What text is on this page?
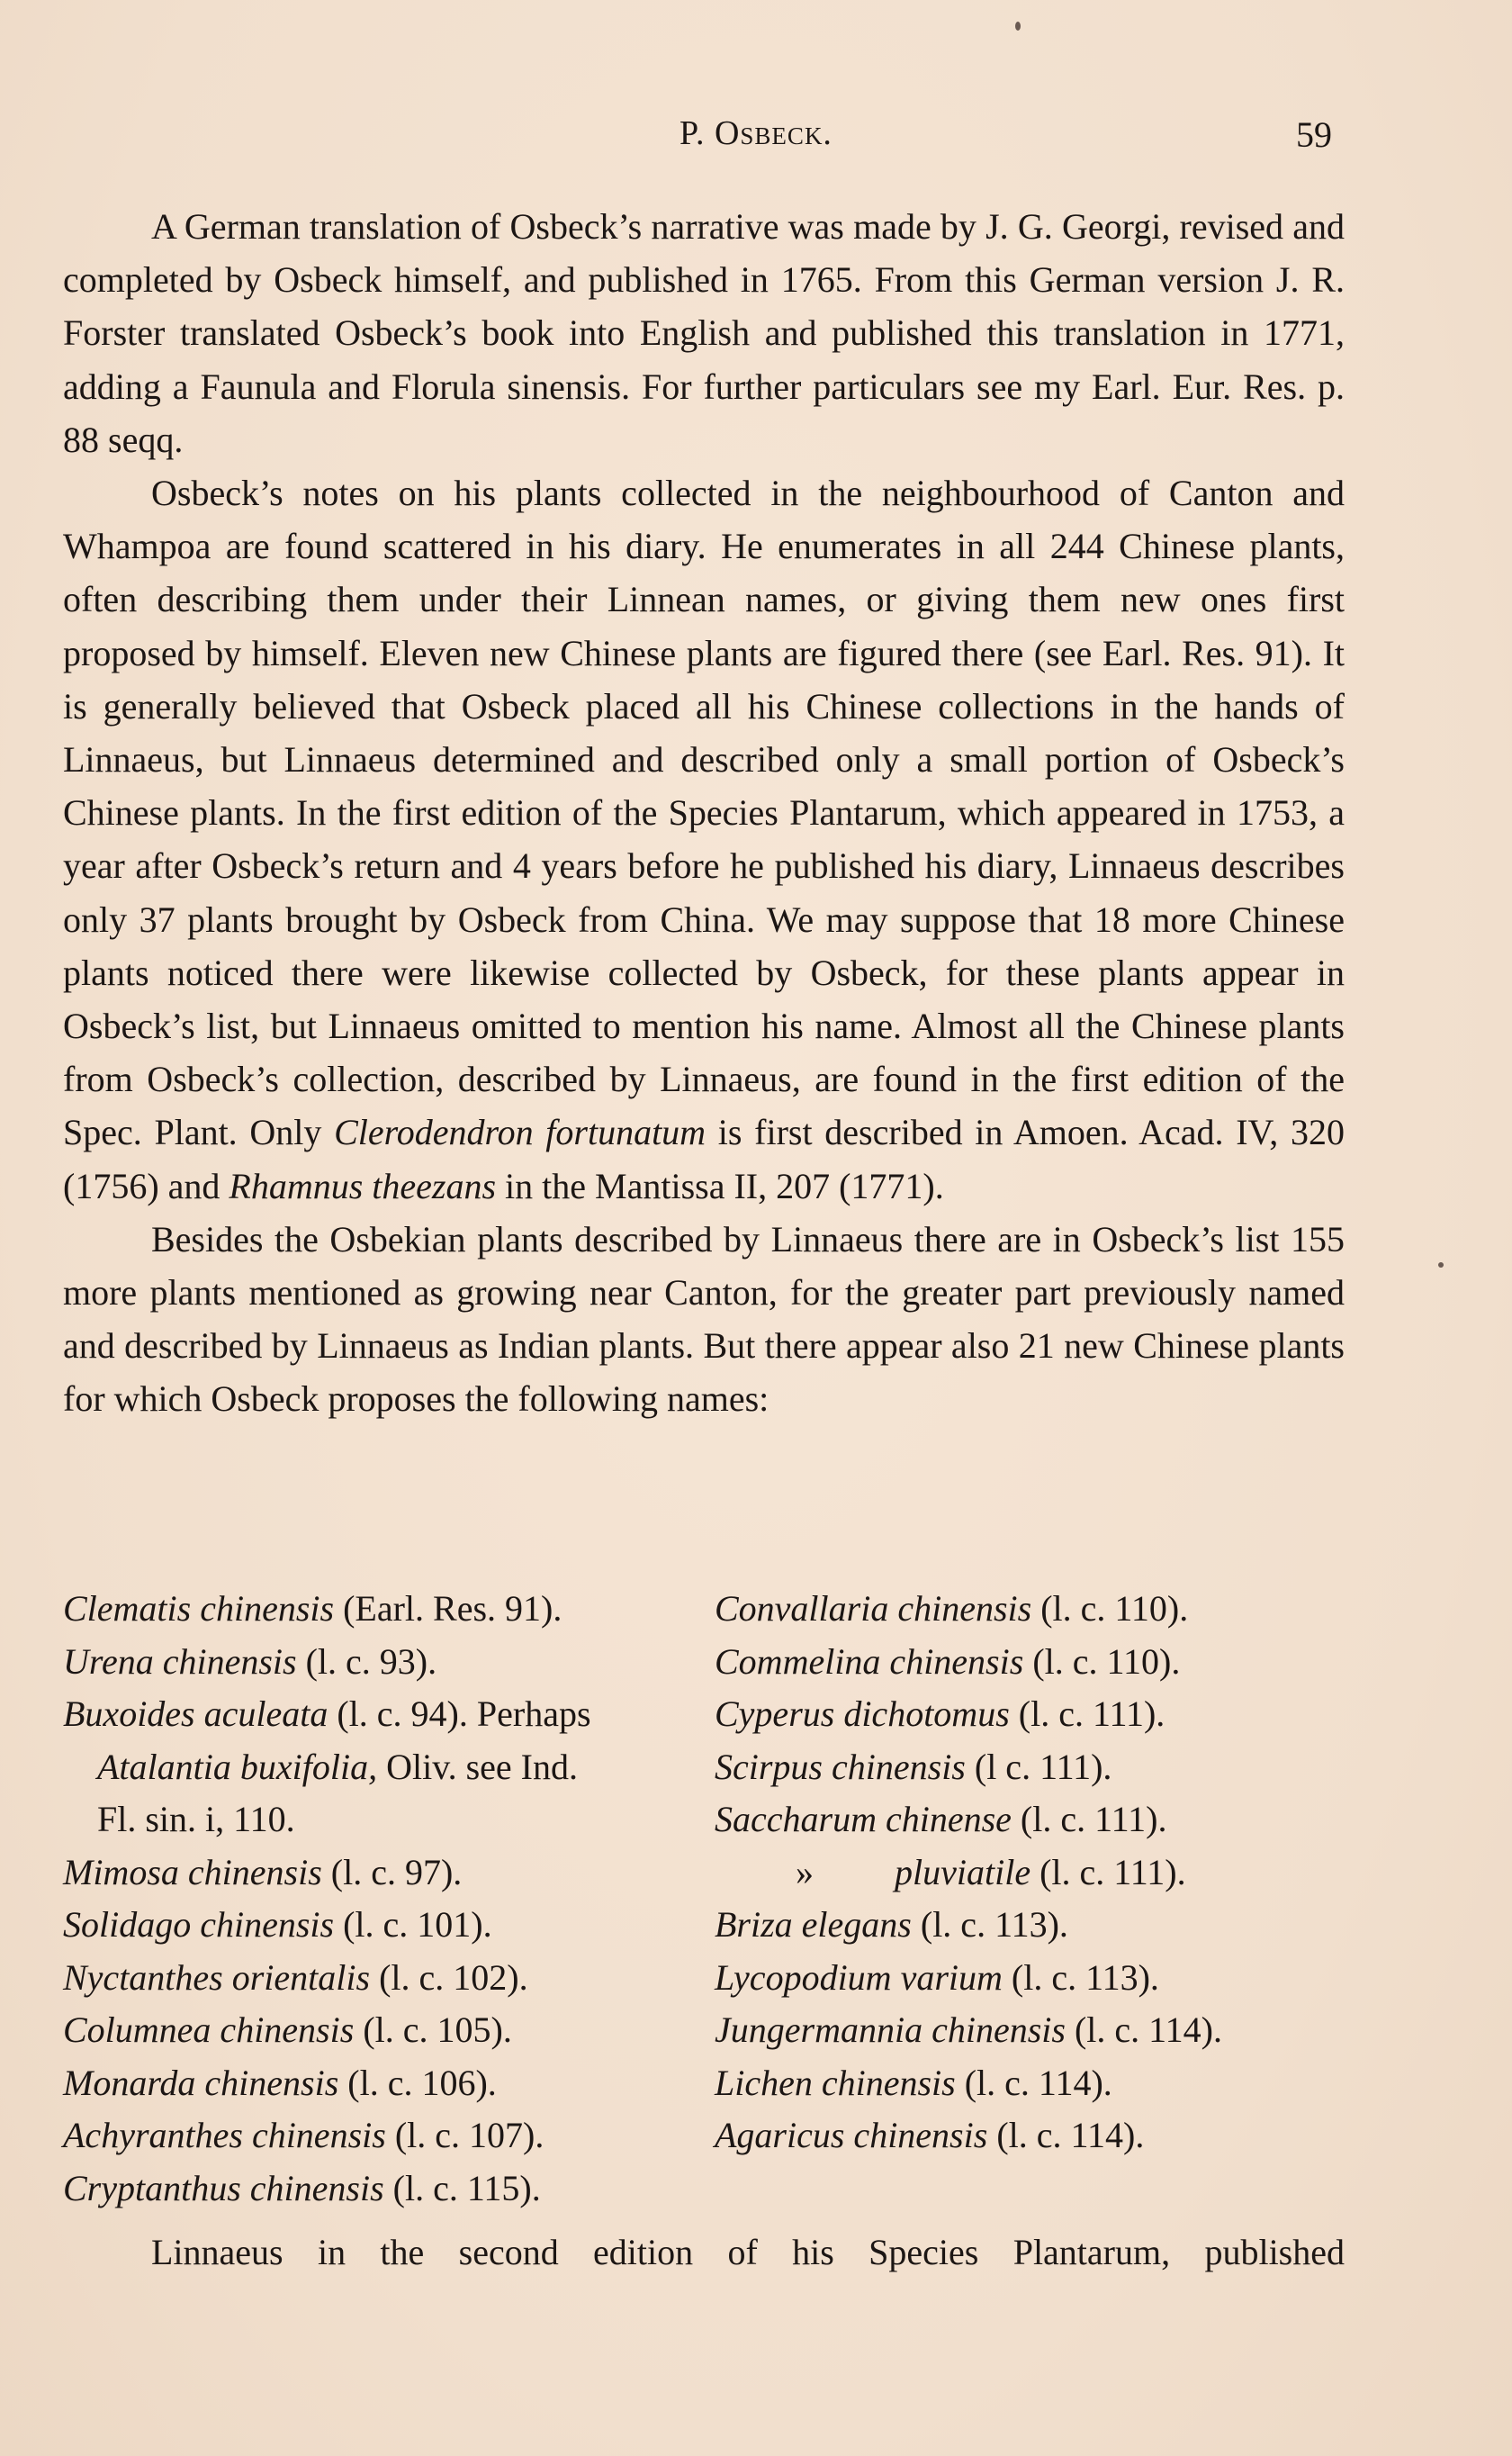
P. Osbeck.	59

A German translation of Osbeck’s narrative was made by J. G. Georgi, revised and completed by Osbeck himself, and published in 1765. From this German version J. R. Forster translated Osbeck’s book into English and published this translation in 1771, adding a Faunula and Florula sinensis. For further particulars see my Earl. Eur. Res. p. 88 seqq.

Osbeck’s notes on his plants collected in the neighbourhood of Canton and Whampoa are found scattered in his diary. He enumerates in all 244 Chinese plants, often describing them under their Linnean names, or giving them new ones first proposed by himself. Eleven new Chinese plants are figured there (see Earl. Res. 91). It is generally believed that Osbeck placed all his Chinese collections in the hands of Linnaeus, but Linnaeus determined and described only a small portion of Osbeck’s Chinese plants. In the first edition of the Species Plantarum, which appeared in 1753, a year after Osbeck’s return and 4 years before he published his diary, Linnaeus describes only 37 plants brought by Osbeck from China. We may suppose that 18 more Chinese plants noticed there were likewise collected by Osbeck, for these plants appear in Osbeck’s list, but Linnaeus omitted to mention his name. Almost all the Chinese plants from Osbeck’s collection, described by Linnaeus, are found in the first edition of the Spec. Plant. Only Clerodendron fortunatum is first described in Amoen. Acad. IV, 320 (1756) and Rhamnus theezans in the Mantissa II, 207 (1771).

Besides the Osbekian plants described by Linnaeus there are in Osbeck’s list 155 more plants mentioned as growing near Canton, for the greater part previously named and described by Linnaeus as Indian plants. But there appear also 21 new Chinese plants for which Osbeck proposes the following names:

Clematis chinensis (Earl. Res. 91).
Urena chinensis (l. c. 93).
Buxoides aculeata (l. c. 94). Perhaps
Atalantia buxifolia, Oliv. see Ind.
Fl. sin. i, 110.
Mimosa chinensis (l. c. 97).
Solidago chinensis (l. c. 101).
Nyctanthes orientalis (l. c. 102).
Columnea chinensis (l. c. 105).
Monarda chinensis (l. c. 106).
Achyranthes chinensis (l. c. 107).
Cryptanthus chinensis (l. c. 115).
Convallaria chinensis (l. c. 110).
Commelina chinensis (l. c. 110).
Cyperus dichotomus (l. c. 111).
Scirpus chinensis (l c. 111).
Saccharum chinense (l. c. 111).
» pluviatile (l. c. 111).
Briza elegans (l. c. 113).
Lycopodium varium (l. c. 113).
Jungermannia chinensis (l. c. 114).
Lichen chinensis (l. c. 114).
Agaricus chinensis (l. c. 114).
Linnaeus in the second edition of his Species Plantarum, published
